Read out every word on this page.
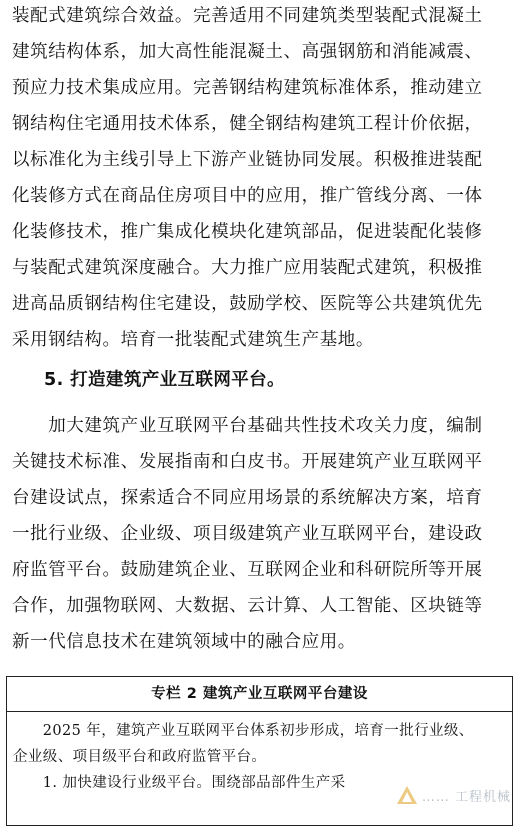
装配式建筑综合效益。完善适用不同建筑类型装配式混凝土
建筑结构体系，加大高性能混凝土、高强钢筋和消能减震、
预应力技术集成应用。完善钢结构建筑标准体系，推动建立
钢结构住宅通用技术体系，健全钢结构建筑工程计价依据，
以标准化为主线引导上下游产业链协同发展。积极推进装配
化装修方式在商品住房项目中的应用，推广管线分离、一体
化装修技术，推广集成化模块化建筑部品，促进装配化装修
与装配式建筑深度融合。大力推广应用装配式建筑，积极推
进高品质钢结构住宅建设，鼓励学校、医院等公共建筑优先
采用钢结构。培育一批装配式建筑生产基地。
5. 打造建筑产业互联网平台。
　　加大建筑产业互联网平台基础共性技术攻关力度，编制
关键技术标准、发展指南和白皮书。开展建筑产业互联网平
台建设试点，探索适合不同应用场景的系统解决方案，培育
一批行业级、企业级、项目级建筑产业互联网平台，建设政
府监管平台。鼓励建筑企业、互联网企业和科研院所等开展
合作，加强物联网、大数据、云计算、人工智能、区块链等
新一代信息技术在建筑领域中的融合应用。
专栏 2 建筑产业互联网平台建设
　　2025 年，建筑产业互联网平台体系初步形成，培育一批行业级、
企业级、项目级平台和政府监管平台。
　　1. 加快建设行业级平台。围绕部品部件生产采
…… 工程机械
